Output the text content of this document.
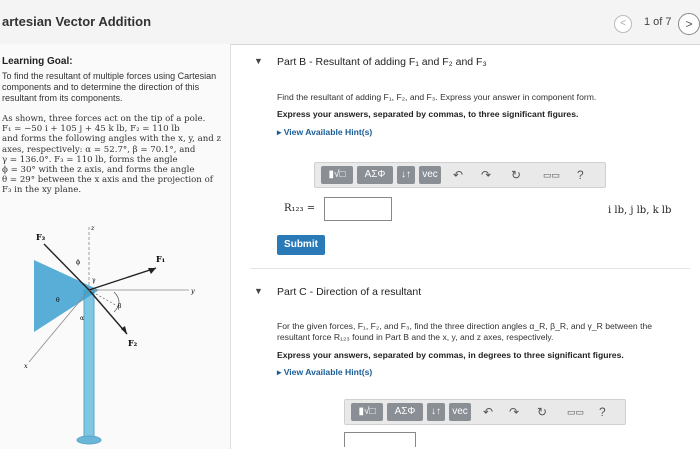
artesian Vector Addition	<	1 of 7	>
Learning Goal:
To find the resultant of multiple forces using Cartesian components and to determine the direction of this resultant from its components.
As shown, three forces act on the tip of a pole.
F₁ = −50 i + 105 j + 45 k lb, F₂ = 110 lb
and forms the following angles with the x, y, and z
axes, respectively: α = 52.7°, β = 70.1°, and
γ = 136.0°. F₃ = 110 lb, forms the angle
ϕ = 30° with the z axis, and forms the angle
θ = 29° between the x axis and the projection of
F₃ in the xy plane.
F₃
F₁
F₂
z
y
x
ϕ
θ
α
β
γ
▼ Part B - Resultant of adding F₁ and F₂ and F₃
Find the resultant of adding F₁, F₂, and F₃. Express your answer in component form.
Express your answers, separated by commas, to three significant figures.
▸ View Available Hint(s)
▮√□	ΑΣΦ	↓↑	vec ↶ ↷ ↻ ▭▭ ?
R₁₂₃ =	i lb, j lb, k lb
Submit
▼ Part C - Direction of a resultant
For the given forces, F₁, F₂, and F₃, find the three direction angles α_R, β_R, and γ_R between the
resultant force R₁₂₃ found in Part B and the x, y, and z axes, respectively.
Express your answers, separated by commas, in degrees to three significant figures.
▸ View Available Hint(s)
▮√□	ΑΣΦ	↓↑	vec ↶ ↷ ↻ ▭▭ ?
